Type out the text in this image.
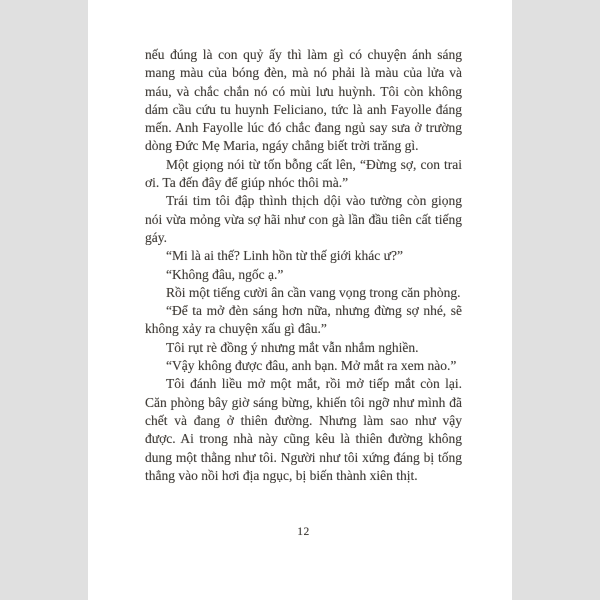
nếu đúng là con quỷ ấy thì làm gì có chuyện ánh sáng mang màu của bóng đèn, mà nó phải là màu của lửa và máu, và chắc chắn nó có mùi lưu huỳnh. Tôi còn không dám cầu cứu tu huynh Feliciano, tức là anh Fayolle đáng mến. Anh Fayolle lúc đó chắc đang ngủ say sưa ở trường dòng Đức Mẹ Maria, ngáy chẳng biết trời trăng gì.

Một giọng nói từ tốn bỗng cất lên, “Đừng sợ, con trai ơi. Ta đến đây để giúp nhóc thôi mà.”

Trái tim tôi đập thình thịch dội vào tường còn giọng nói vừa mỏng vừa sợ hãi như con gà lần đầu tiên cất tiếng gáy.

“Mi là ai thế? Linh hồn từ thế giới khác ư?”

“Không đâu, ngốc ạ.”

Rồi một tiếng cười ân cần vang vọng trong căn phòng.

“Để ta mở đèn sáng hơn nữa, nhưng đừng sợ nhé, sẽ không xảy ra chuyện xấu gì đâu.”

Tôi rụt rè đồng ý nhưng mắt vẫn nhắm nghiền.

“Vậy không được đâu, anh bạn. Mở mắt ra xem nào.”

Tôi đánh liều mở một mắt, rồi mở tiếp mắt còn lại. Căn phòng bây giờ sáng bừng, khiến tôi ngỡ như mình đã chết và đang ở thiên đường. Nhưng làm sao như vậy được. Ai trong nhà này cũng kêu là thiên đường không dung một thằng như tôi. Người như tôi xứng đáng bị tống thẳng vào nồi hơi địa ngục, bị biến thành xiên thịt.

12
